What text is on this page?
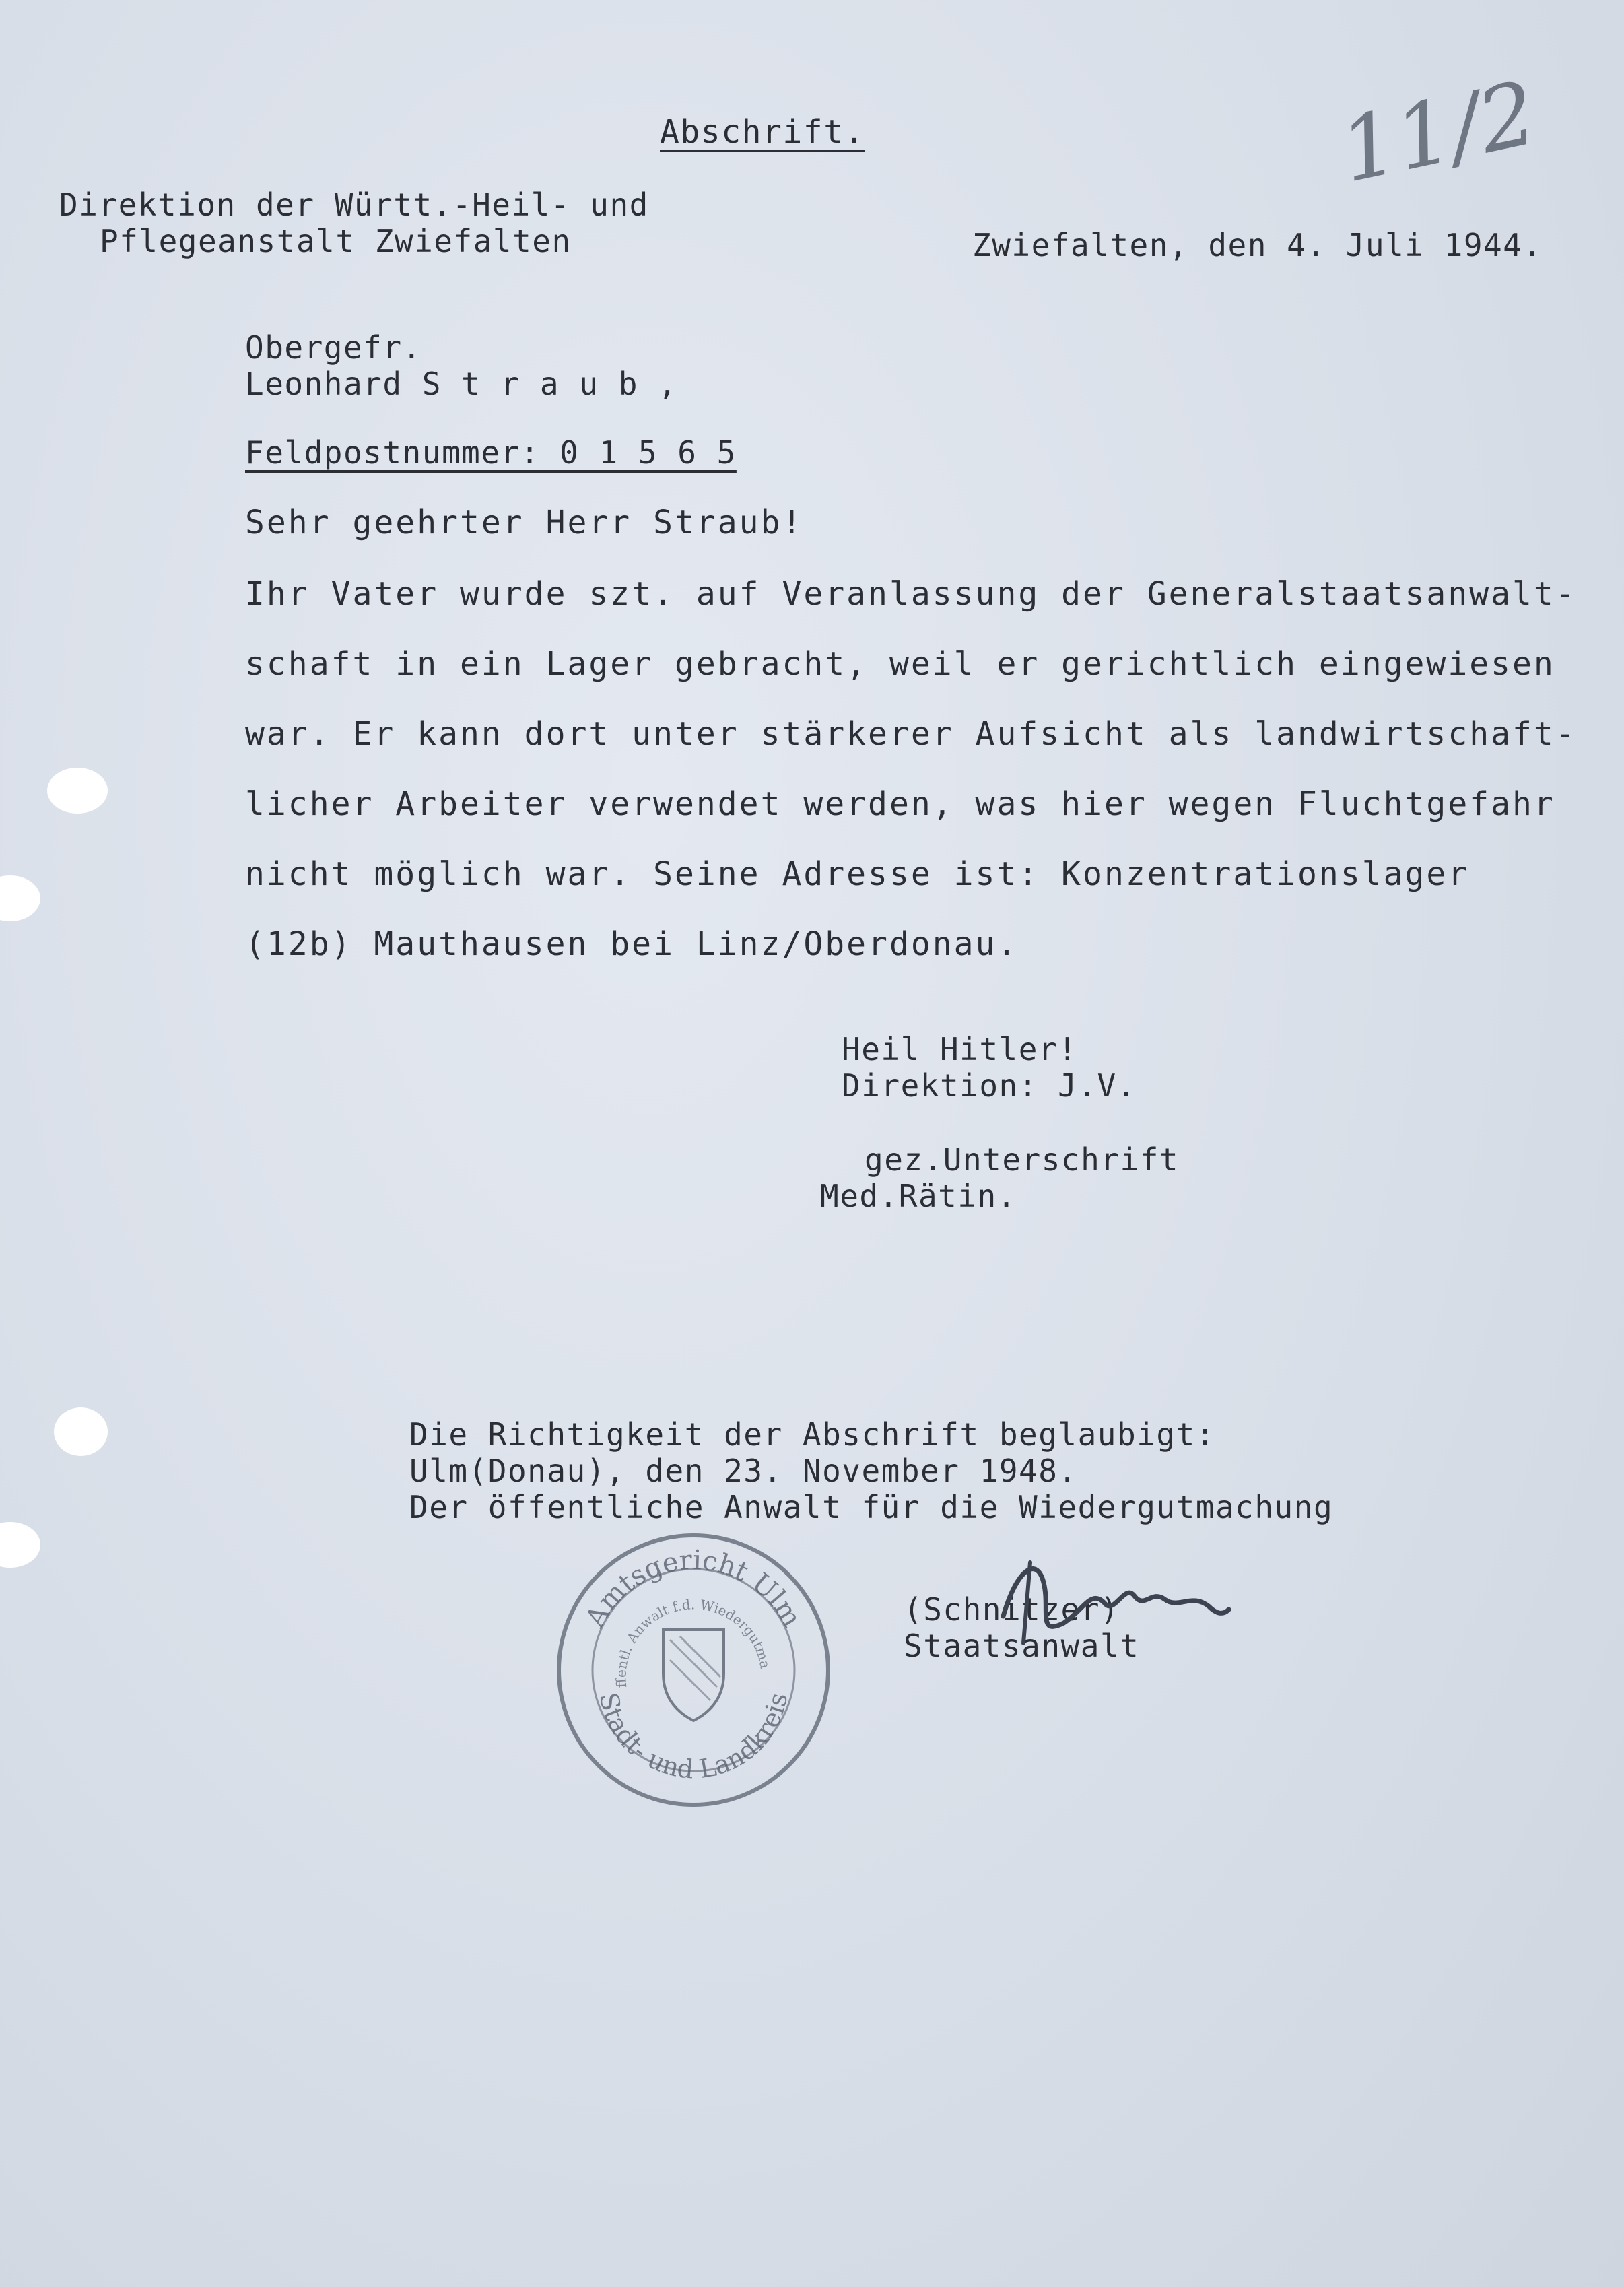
Abschrift.	11/2
Direktion der Württ.-Heil- und
Pflegeanstalt Zwiefalten	Zwiefalten, den 4. Juli 1944.
Obergefr.
Leonhard S t r a u b ,
Feldpostnummer: 0 1 5 6 5
Sehr geehrter Herr Straub!
Ihr Vater wurde szt. auf Veranlassung der Generalstaatsanwalt-
schaft in ein Lager gebracht, weil er gerichtlich eingewiesen
war. Er kann dort unter stärkerer Aufsicht als landwirtschaft-
licher Arbeiter verwendet werden, was hier wegen Fluchtgefahr
nicht möglich war. Seine Adresse ist: Konzentrationslager
(12b) Mauthausen bei Linz/Oberdonau.
Heil Hitler!
Direktion: J.V.
gez.Unterschrift
Med.Rätin.
Die Richtigkeit der Abschrift beglaubigt:
Ulm(Donau), den 23. November 1948.
Der öffentliche Anwalt für die Wiedergutmachung
(Schnitzer)
Staatsanwalt
Amtsgericht Ulm
Stadt- und Landkreis
öffentl. Anwalt f.d. Wiedergutma
